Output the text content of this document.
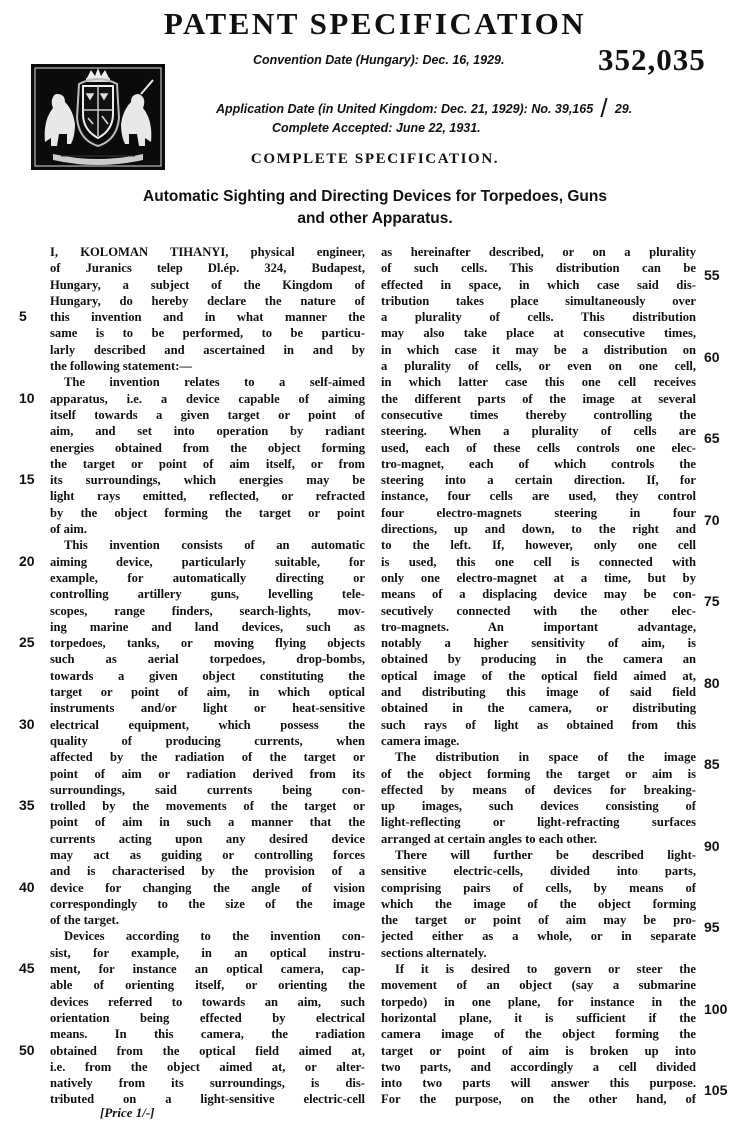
PATENT SPECIFICATION
352,035
Convention Date (Hungary): Dec. 16, 1929.
Application Date (in United Kingdom: Dec. 21, 1929): No. 39,165 / 29.
Complete Accepted: June 22, 1931.
COMPLETE SPECIFICATION.
Automatic Sighting and Directing Devices for Torpedoes, Guns
and other Apparatus.
I, KOLOMAN TIHANYI, physical engineer,
of Juranics telep Dl.ép. 324, Budapest,
Hungary, a subject of the Kingdom of
Hungary, do hereby declare the nature of
this invention and in what manner the
same is to be performed, to be particu-
larly described and ascertained in and by
the following statement:—
The invention relates to a self-aimed
apparatus, i.e. a device capable of aiming
itself towards a given target or point of
aim, and set into operation by radiant
energies obtained from the object forming
the target or point of aim itself, or from
its surroundings, which energies may be
light rays emitted, reflected, or refracted
by the object forming the target or point
of aim.
This invention consists of an automatic
aiming device, particularly suitable, for
example, for automatically directing or
controlling artillery guns, levelling tele-
scopes, range finders, search-lights, mov-
ing marine and land devices, such as
torpedoes, tanks, or moving flying objects
such as aerial torpedoes, drop-bombs,
towards a given object constituting the
target or point of aim, in which optical
instruments and/or light or heat-sensitive
electrical equipment, which possess the
quality of producing currents, when
affected by the radiation of the target or
point of aim or radiation derived from its
surroundings, said currents being con-
trolled by the movements of the target or
point of aim in such a manner that the
currents acting upon any desired device
may act as guiding or controlling forces
and is characterised by the provision of a
device for changing the angle of vision
correspondingly to the size of the image
of the target.
Devices according to the invention con-
sist, for example, in an optical instru-
ment, for instance an optical camera, cap-
able of orienting itself, or orienting the
devices referred to towards an aim, such
orientation being effected by electrical
means. In this camera, the radiation
obtained from the optical field aimed at,
i.e. from the object aimed at, or alter-
natively from its surroundings, is dis-
tributed on a light-sensitive electric-cell
as hereinafter described, or on a plurality
of such cells. This distribution can be
effected in space, in which case said dis-
tribution takes place simultaneously over
a plurality of cells. This distribution
may also take place at consecutive times,
in which case it may be a distribution on
a plurality of cells, or even on one cell,
in which latter case this one cell receives
the different parts of the image at several
consecutive times thereby controlling the
steering. When a plurality of cells are
used, each of these cells controls one elec-
tro-magnet, each of which controls the
steering into a certain direction. If, for
instance, four cells are used, they control
four electro-magnets steering in four
directions, up and down, to the right and
to the left. If, however, only one cell
is used, this one cell is connected with
only one electro-magnet at a time, but by
means of a displacing device may be con-
secutively connected with the other elec-
tro-magnets. An important advantage,
notably a higher sensitivity of aim, is
obtained by producing in the camera an
optical image of the optical field aimed at,
and distributing this image of said field
obtained in the camera, or distributing
such rays of light as obtained from this
camera image.
The distribution in space of the image
of the object forming the target or aim is
effected by means of devices for breaking-
up images, such devices consisting of
light-reflecting or light-refracting surfaces
arranged at certain angles to each other.
There will further be described light-
sensitive electric-cells, divided into parts,
comprising pairs of cells, by means of
which the image of the object forming
the target or point of aim may be pro-
jected either as a whole, or in separate
sections alternately.
If it is desired to govern or steer the
movement of an object (say a submarine
torpedo) in one plane, for instance in the
horizontal plane, it is sufficient if the
camera image of the object forming the
target or point of aim is broken up into
two parts, and accordingly a cell divided
into two parts will answer this purpose.
For the purpose, on the other hand, of
5
10
15
20
25
30
35
40
45
50
55
60
65
70
75
80
85
90
95
100
105
[Price 1/-]
